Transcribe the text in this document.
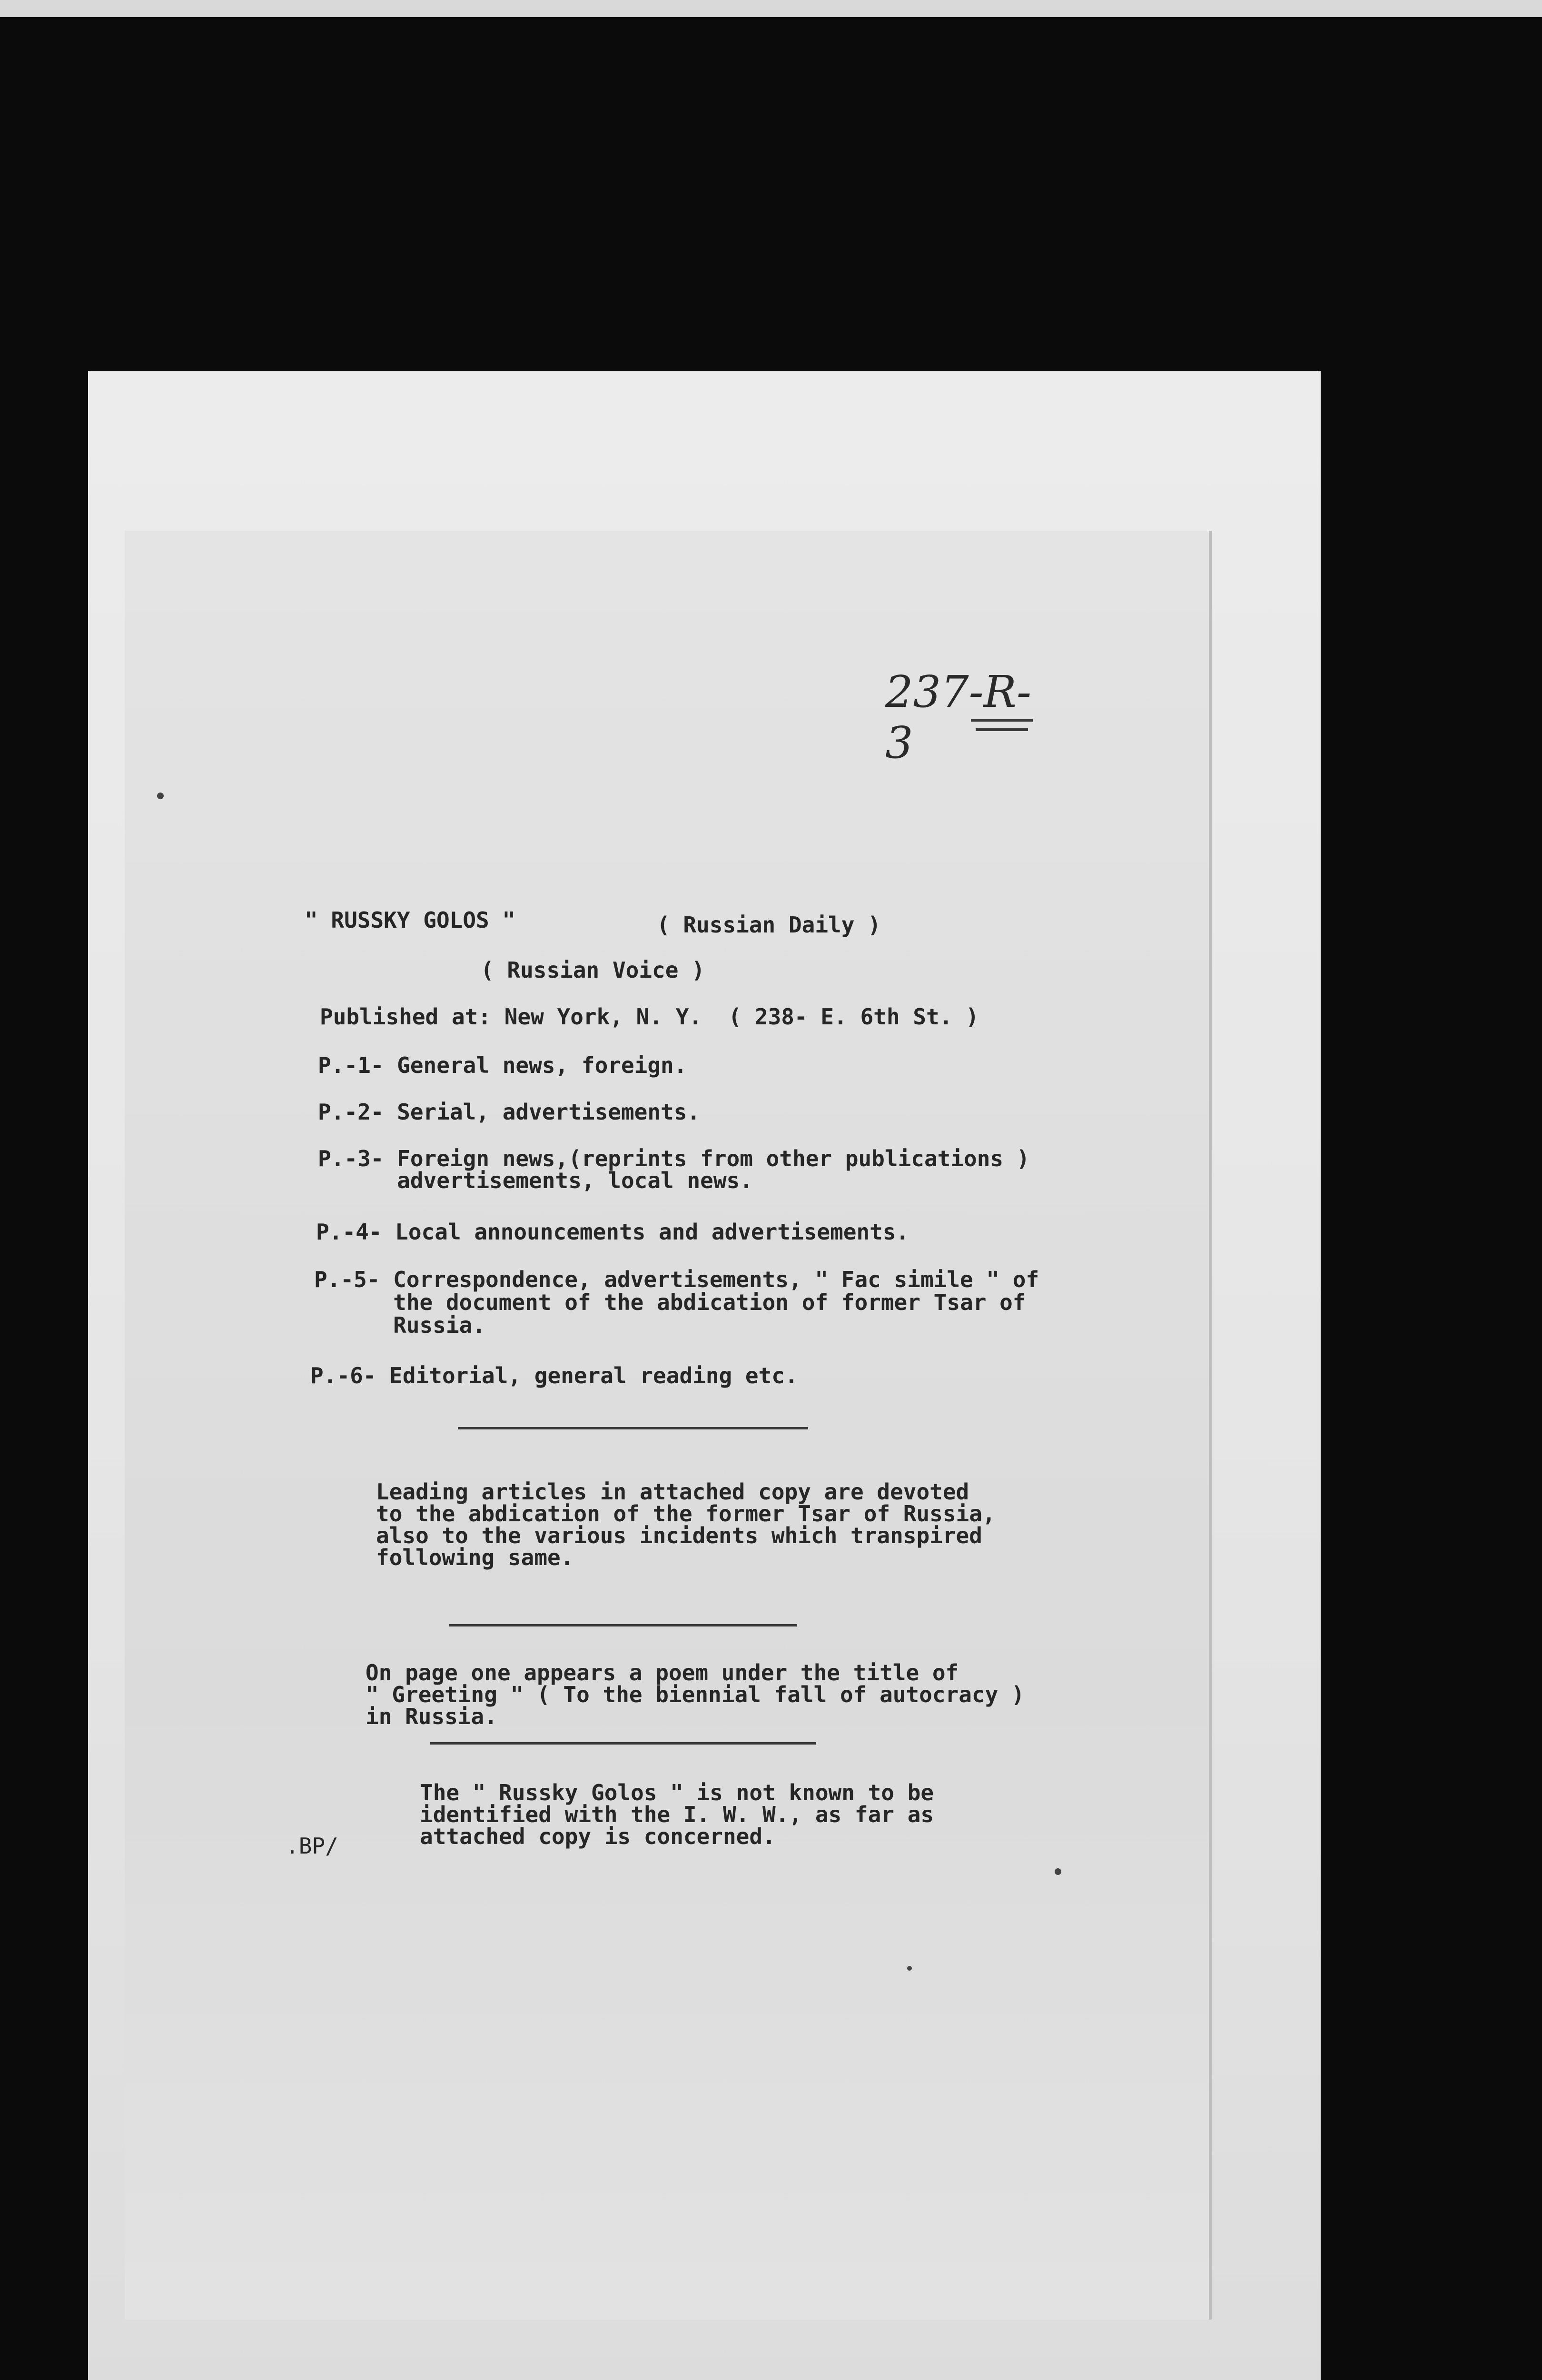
237-R-3
" RUSSKY GOLOS "	( Russian Daily )
( Russian Voice )
Published at: New York, N. Y.  ( 238- E. 6th St. )
P.-1- General news, foreign.
P.-2- Serial, advertisements.
P.-3- Foreign news,(reprints from other publications )
advertisements, local news.
P.-4- Local announcements and advertisements.
P.-5- Correspondence, advertisements, " Fac simile " of
the document of the abdication of former Tsar of
Russia.
P.-6- Editorial, general reading etc.
Leading articles in attached copy are devoted
to the abdication of the former Tsar of Russia,
also to the various incidents which transpired
following same.
On page one appears a poem under the title of
" Greeting " ( To the biennial fall of autocracy )
in Russia.
The " Russky Golos " is not known to be
identified with the I. W. W., as far as
attached copy is concerned.
.BP/
